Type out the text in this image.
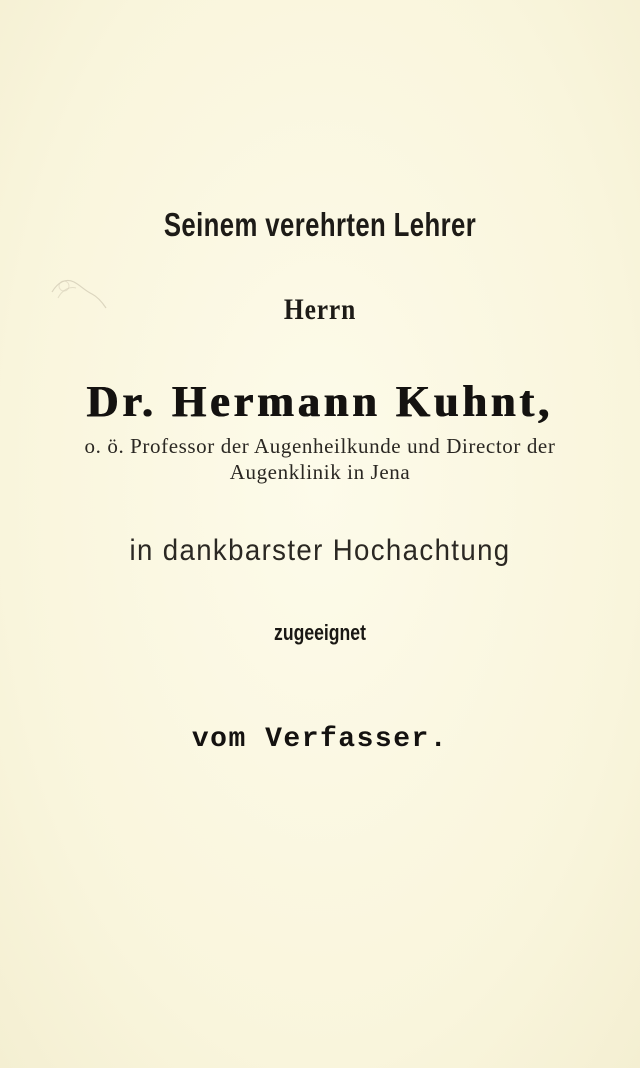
Seinem verehrten Lehrer
Herrn
Dr. Hermann Kuhnt,
o. ö. Professor der Augenheilkunde und Director der
Augenklinik in Jena
in dankbarster Hochachtung
zugeeignet
vom Verfasser.
